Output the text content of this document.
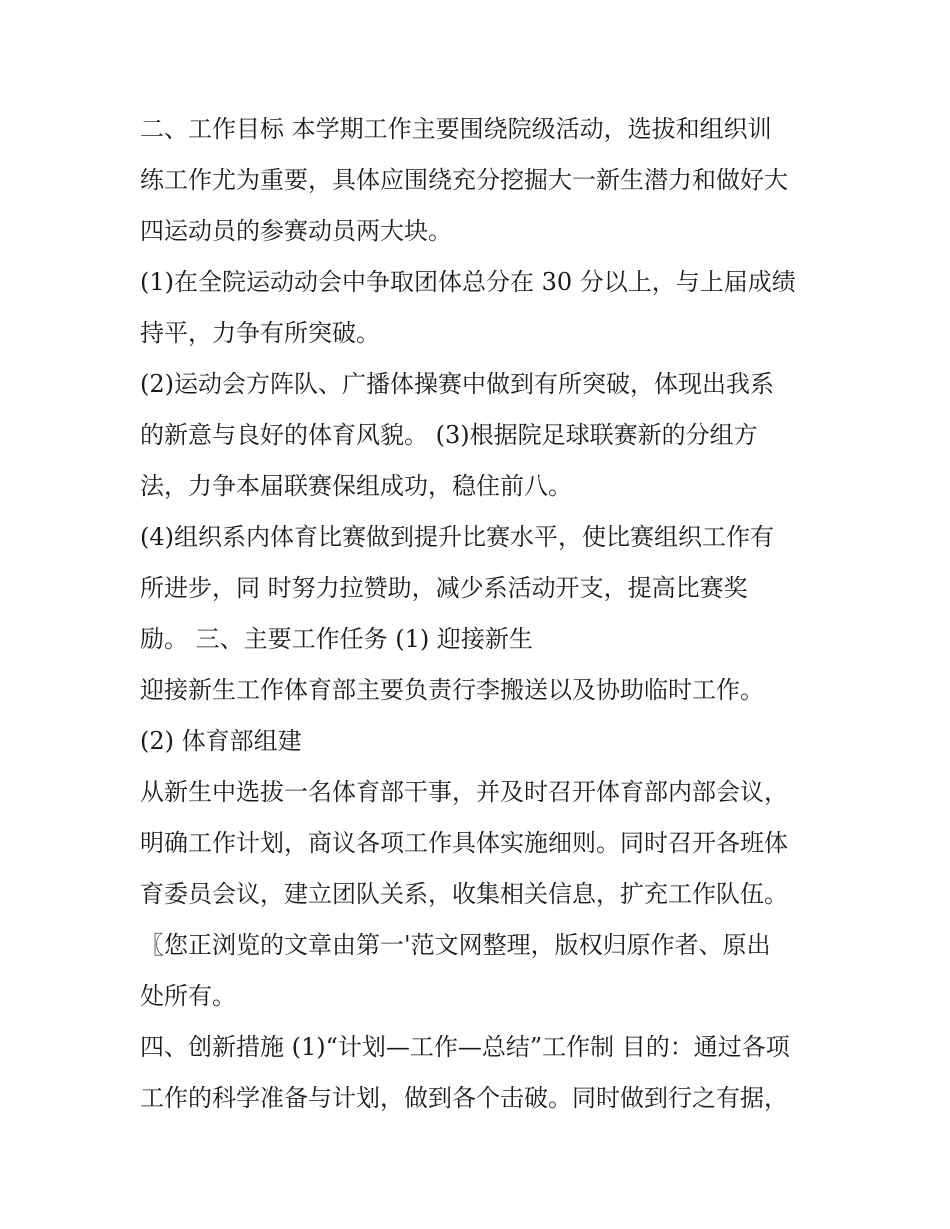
二、工作目标 本学期工作主要围绕院级活动，选拔和组织训
练工作尤为重要，具体应围绕充分挖掘大一新生潜力和做好大
四运动员的参赛动员两大块。
(1)在全院运动动会中争取团体总分在 30 分以上，与上届成绩
持平，力争有所突破。
(2)运动会方阵队、广播体操赛中做到有所突破，体现出我系
的新意与良好的体育风貌。 (3)根据院足球联赛新的分组方
法，力争本届联赛保组成功，稳住前八。
(4)组织系内体育比赛做到提升比赛水平，使比赛组织工作有
所进步，同 时努力拉赞助，减少系活动开支，提高比赛奖
励。 三、主要工作任务 (1) 迎接新生
迎接新生工作体育部主要负责行李搬送以及协助临时工作。
(2) 体育部组建
从新生中选拔一名体育部干事，并及时召开体育部内部会议，
明确工作计划，商议各项工作具体实施细则。同时召开各班体
育委员会议，建立团队关系，收集相关信息，扩充工作队伍。
〖您正浏览的文章由第一'范文网整理，版权归原作者、原出
处所有。
四、创新措施 (1)“计划—工作—总结”工作制 目的：通过各项
工作的科学准备与计划，做到各个击破。同时做到行之有据，
